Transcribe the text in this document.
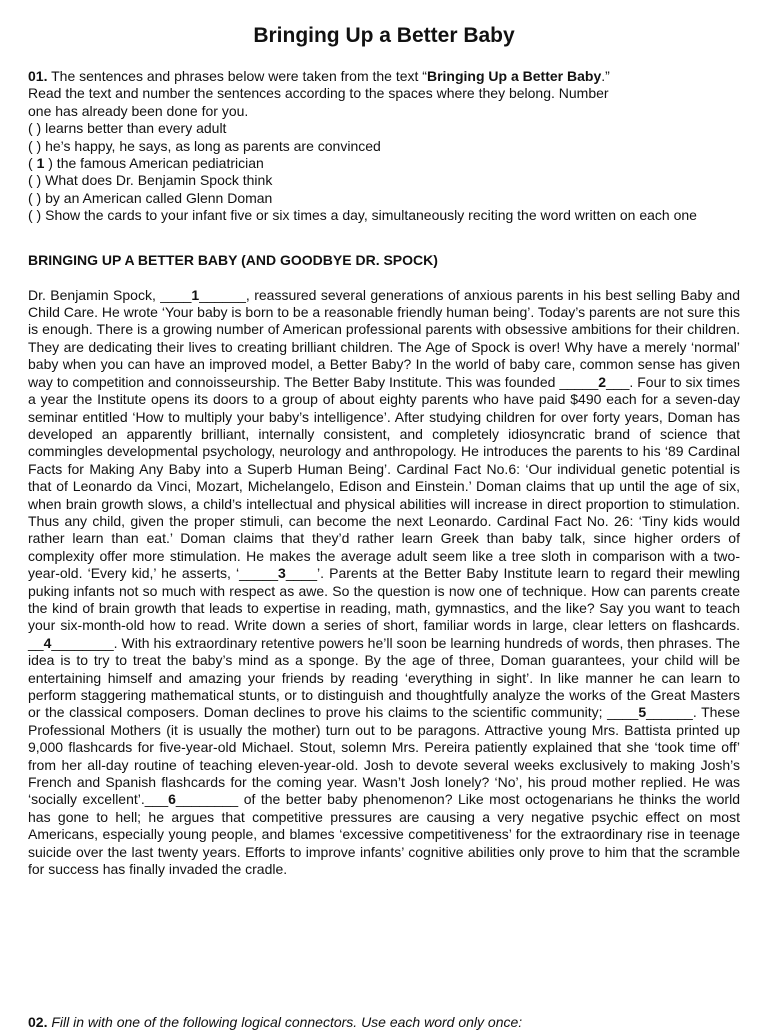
Bringing Up a Better Baby

01. The sentences and phrases below were taken from the text “Bringing Up a Better Baby.”

Read the text and number the sentences according to the spaces where they belong. Number

one has already been done for you.

( ) learns better than every adult

( ) he’s happy, he says, as long as parents are convinced

( 1 ) the famous American pediatrician

( ) What does Dr. Benjamin Spock think

( ) by an American called Glenn Doman

( ) Show the cards to your infant five or six times a day, simultaneously reciting the word written on each one

BRINGING UP A BETTER BABY (AND GOODBYE DR. SPOCK)
Dr. Benjamin Spock, ____1______, reassured several generations of anxious parents in his best selling Baby and Child Care. He wrote ‘Your baby is born to be a reasonable friendly human being’. Today’s parents are not sure this is enough. There is a growing number of American professional parents with obsessive ambitions for their children. They are dedicating their lives to creating brilliant children. The Age of Spock is over! Why have a merely ‘normal’ baby when you can have an improved model, a Better Baby? In the world of baby care, common sense has given way to competition and connoisseurship. The Better Baby Institute. This was founded _____2___. Four to six times a year the Institute opens its doors to a group of about eighty parents who have paid $490 each for a seven-day seminar entitled ‘How to multiply your baby’s intelligence’. After studying children for over forty years, Doman has developed an apparently brilliant, internally consistent, and completely idiosyncratic brand of science that commingles developmental psychology, neurology and anthropology. He introduces the parents to his ‘89 Cardinal Facts for Making Any Baby into a Superb Human Being’. Cardinal Fact No.6: ‘Our individual genetic potential is that of Leonardo da Vinci, Mozart, Michelangelo, Edison and Einstein.’ Doman claims that up until the age of six, when brain growth slows, a child’s intellectual and physical abilities will increase in direct proportion to stimulation. Thus any child, given the proper stimuli, can become the next Leonardo. Cardinal Fact No. 26: ‘Tiny kids would rather learn than eat.’ Doman claims that they’d rather learn Greek than baby talk, since higher orders of complexity offer more stimulation. He makes the average adult seem like a tree sloth in comparison with a two-year-old. ‘Every kid,’ he asserts, ‘_____3____’. Parents at the Better Baby Institute learn to regard their mewling puking infants not so much with respect as awe. So the question is now one of technique. How can parents create the kind of brain growth that leads to expertise in reading, math, gymnastics, and the like? Say you want to teach your six-month-old how to read. Write down a series of short, familiar words in large, clear letters on flashcards. __4________. With his extraordinary retentive powers he’ll soon be learning hundreds of words, then phrases. The idea is to try to treat the baby’s mind as a sponge. By the age of three, Doman guarantees, your child will be entertaining himself and amazing your friends by reading ‘everything in sight’. In like manner he can learn to perform staggering mathematical stunts, or to distinguish and thoughtfully analyze the works of the Great Masters or the classical composers. Doman declines to prove his claims to the scientific community; ____5______. These Professional Mothers (it is usually the mother) turn out to be paragons. Attractive young Mrs. Battista printed up 9,000 flashcards for five-year-old Michael. Stout, solemn Mrs. Pereira patiently explained that she ‘took time off’ from her all-day routine of teaching eleven-year-old. Josh to devote several weeks exclusively to making Josh’s French and Spanish flashcards for the coming year. Wasn’t Josh lonely? ‘No’, his proud mother replied. He was ‘socially excellent’.___6________ of the better baby phenomenon? Like most octogenarians he thinks the world has gone to hell; he argues that competitive pressures are causing a very negative psychic effect on most Americans, especially young people, and blames ‘excessive competitiveness’ for the extraordinary rise in teenage suicide over the last twenty years. Efforts to improve infants’ cognitive abilities only prove to him that the scramble for success has finally invaded the cradle.
02. Fill in with one of the following logical connectors. Use each word only once:
